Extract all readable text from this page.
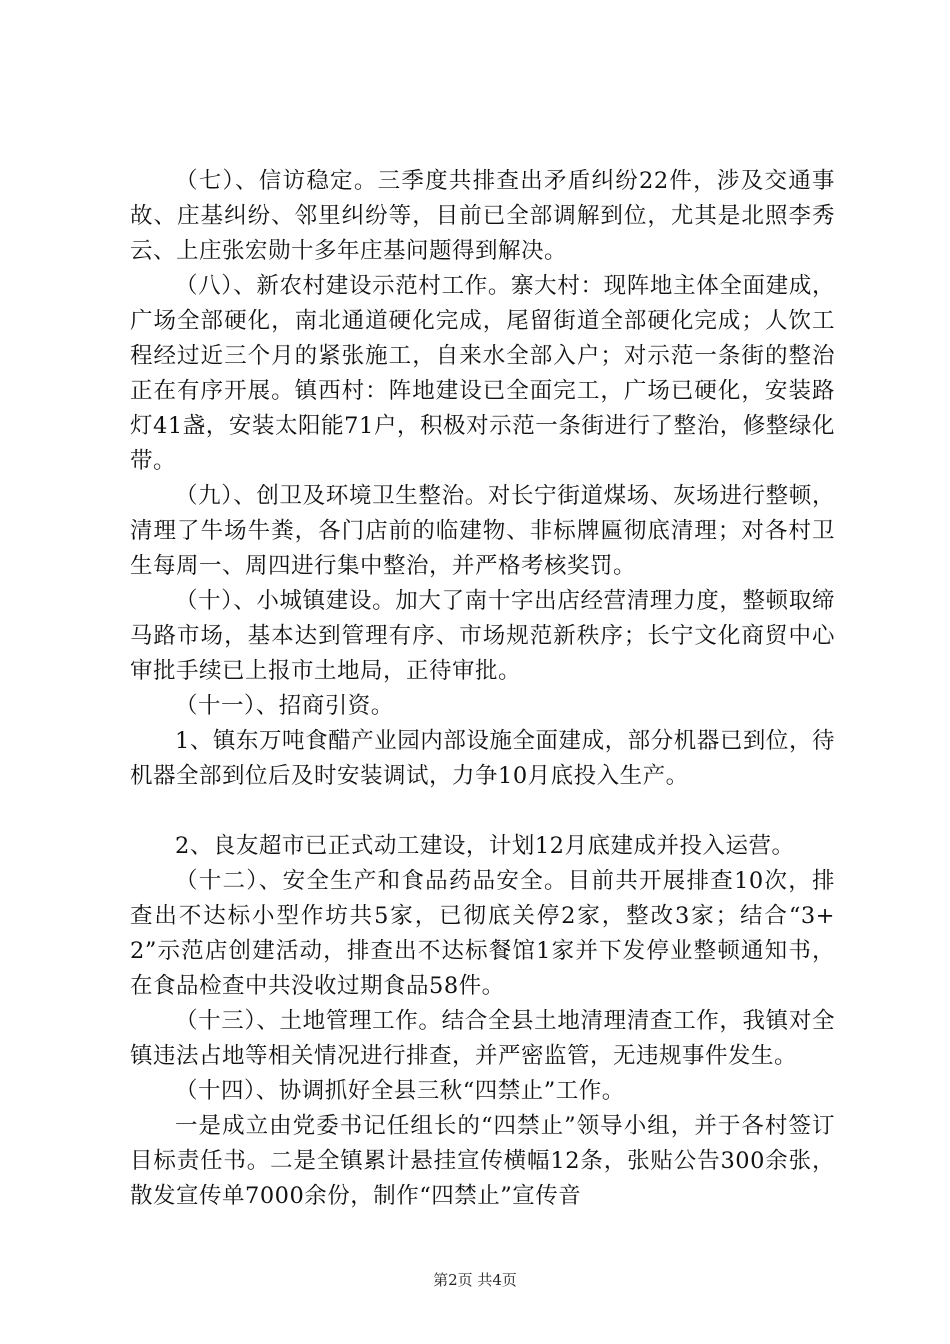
（七）、信访稳定。三季度共排查出矛盾纠纷22件，涉及交通事故、庄基纠纷、邻里纠纷等，目前已全部调解到位，尤其是北照李秀云、上庄张宏勋十多年庄基问题得到解决。

（八）、新农村建设示范村工作。寨大村：现阵地主体全面建成，广场全部硬化，南北通道硬化完成，尾留街道全部硬化完成；人饮工程经过近三个月的紧张施工，自来水全部入户；对示范一条街的整治正在有序开展。镇西村：阵地建设已全面完工，广场已硬化，安装路灯41盏，安装太阳能71户，积极对示范一条街进行了整治，修整绿化带。

（九）、创卫及环境卫生整治。对长宁街道煤场、灰场进行整顿，清理了牛场牛粪，各门店前的临建物、非标牌匾彻底清理；对各村卫生每周一、周四进行集中整治，并严格考核奖罚。

（十）、小城镇建设。加大了南十字出店经营清理力度，整顿取缔马路市场，基本达到管理有序、市场规范新秩序；长宁文化商贸中心审批手续已上报市土地局，正待审批。

（十一）、招商引资。

1、镇东万吨食醋产业园内部设施全面建成，部分机器已到位，待机器全部到位后及时安装调试，力争10月底投入生产。

2、良友超市已正式动工建设，计划12月底建成并投入运营。

（十二）、安全生产和食品药品安全。目前共开展排查10次，排查出不达标小型作坊共5家，已彻底关停2家，整改3家；结合“3+2”示范店创建活动，排查出不达标餐馆1家并下发停业整顿通知书，在食品检查中共没收过期食品58件。

（十三）、土地管理工作。结合全县土地清理清查工作，我镇对全镇违法占地等相关情况进行排查，并严密监管，无违规事件发生。

（十四）、协调抓好全县三秋“四禁止”工作。

一是成立由党委书记任组长的“四禁止”领导小组，并于各村签订目标责任书。二是全镇累计悬挂宣传横幅12条，张贴公告300余张，散发宣传单7000余份，制作“四禁止”宣传音

第2页 共4页
